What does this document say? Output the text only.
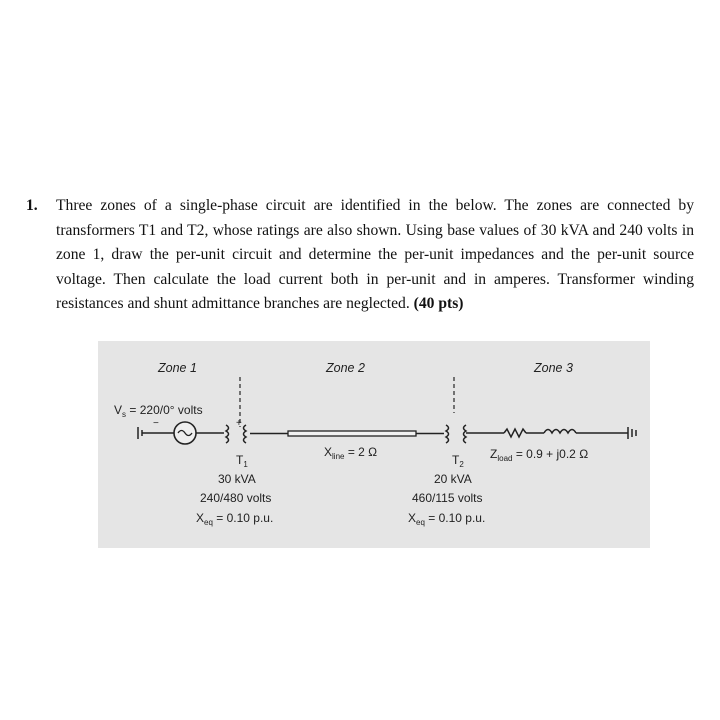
1. Three zones of a single-phase circuit are identified in the below. The zones are connected by transformers T1 and T2, whose ratings are also shown. Using base values of 30 kVA and 240 volts in zone 1, draw the per-unit circuit and determine the per-unit impedances and the per-unit source voltage. Then calculate the load current both in per-unit and in amperes. Transformer winding resistances and shunt admittance branches are neglected. (40 pts)
Zone 1	Zone 2	Zone 3
$V_s = 220/0^\circ$ volts
+
−
$X_{line} = 2$ Ω	$Z_{load} = 0.9 + j0.2$ Ω
$T_1$
30 kVA
240/480 volts
$X_{eq} = 0.10$ p.u.
$T_2$
20 kVA
460/115 volts
$X_{eq} = 0.10$ p.u.
